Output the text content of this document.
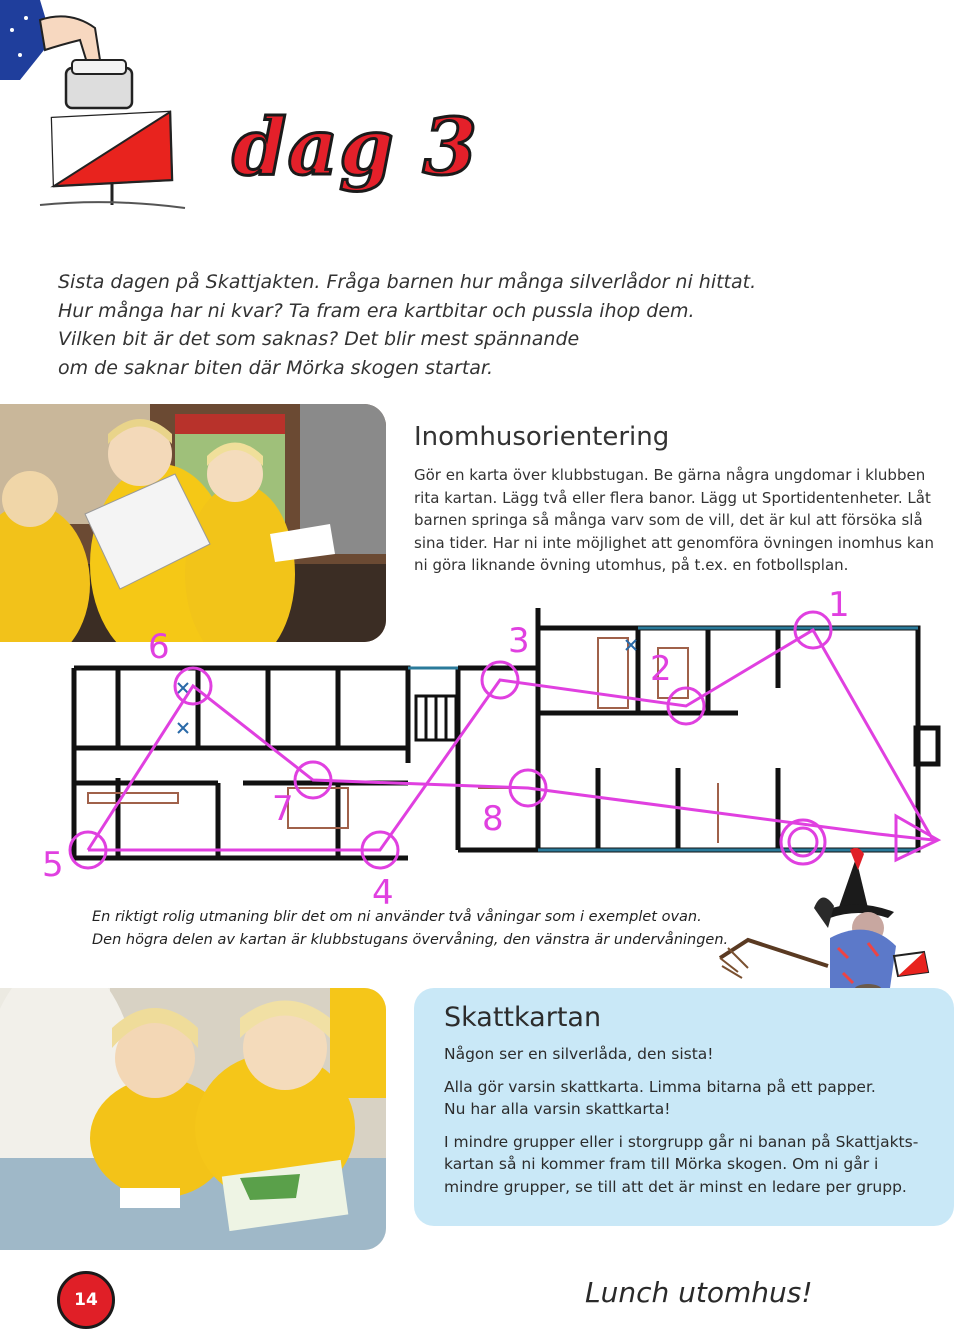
dag 3

Sista dagen på Skattjakten. Fråga barnen hur många silverlådor ni hittat.

Hur många har ni kvar? Ta fram era kartbitar och pussla ihop dem.

Vilken bit är det som saknas? Det blir mest spännande

om de saknar biten där Mörka skogen startar.

Inomhusorientering
Gör en karta över klubbstugan. Be gärna några ungdomar i klubben rita kartan. Lägg två eller flera banor. Lägg ut Sportidentenheter. Låt barnen springa så många varv som de vill, det är kul att försöka slå sina tider. Har ni inte möjlighet att genomföra övningen inomhus kan ni göra liknande övning utomhus, på t.ex. en fotbollsplan.
1
2
3
4
5
6
7	8

En riktigt rolig utmaning blir det om ni använder två våningar som i exemplet ovan.

Den högra delen av kartan är klubbstugans övervåning, den vänstra är undervåningen.

Skattkartan

Någon ser en silverlåda, den sista!

Alla gör varsin skattkarta. Limma bitarna på ett papper.
Nu har alla varsin skattkarta!

I mindre grupper eller i storgrupp går ni banan på Skattjakts-kartan så ni kommer fram till Mörka skogen. Om ni går i mindre grupper, se till att det är minst en ledare per grupp.

14	Lunch utomhus!
